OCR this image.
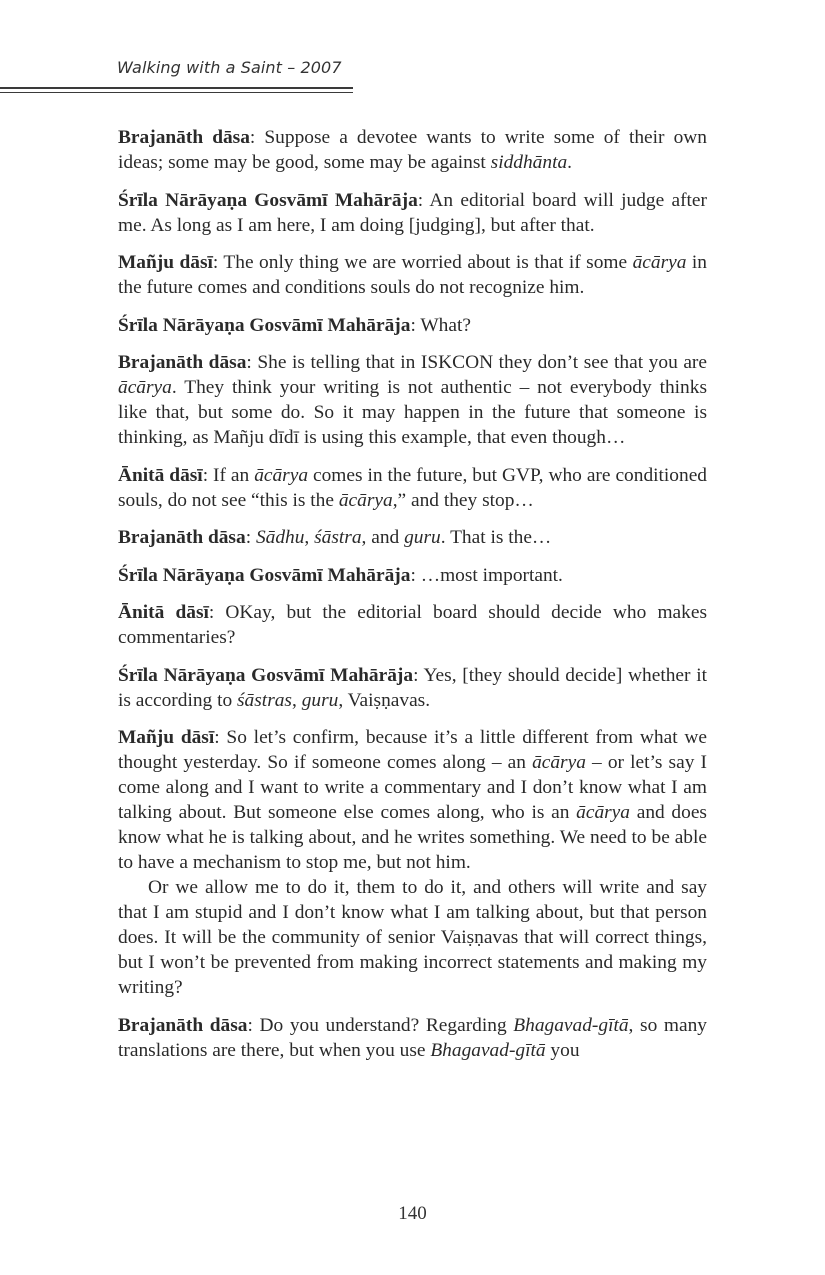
Walking with a Saint – 2007

Brajanāth dāsa: Suppose a devotee wants to write some of their own ideas; some may be good, some may be against siddhānta.

Śrīla Nārāyaṇa Gosvāmī Mahārāja: An editorial board will judge after me. As long as I am here, I am doing [judging], but after that.

Mañju dāsī: The only thing we are worried about is that if some ācārya in the future comes and conditions souls do not recognize him.

Śrīla Nārāyaṇa Gosvāmī Mahārāja: What?

Brajanāth dāsa: She is telling that in ISKCON they don’t see that you are ācārya. They think your writing is not authentic – not everybody thinks like that, but some do. So it may happen in the future that someone is thinking, as Mañju dīdī is using this example, that even though…

Ānitā dāsī: If an ācārya comes in the future, but GVP, who are conditioned souls, do not see “this is the ācārya,” and they stop…

Brajanāth dāsa: Sādhu, śāstra, and guru. That is the…

Śrīla Nārāyaṇa Gosvāmī Mahārāja: …most important.

Ānitā dāsī: OKay, but the editorial board should decide who makes commentaries?

Śrīla Nārāyaṇa Gosvāmī Mahārāja: Yes, [they should decide] whether it is according to śāstras, guru, Vaiṣṇavas.

Mañju dāsī: So let’s confirm, because it’s a little different from what we thought yesterday. So if someone comes along – an ācārya – or let’s say I come along and I want to write a commentary and I don’t know what I am talking about. But someone else comes along, who is an ācārya and does know what he is talking about, and he writes something. We need to be able to have a mechanism to stop me, but not him.

Or we allow me to do it, them to do it, and others will write and say that I am stupid and I don’t know what I am talking about, but that person does. It will be the community of senior Vaiṣṇavas that will correct things, but I won’t be prevented from making incorrect statements and making my writing?

Brajanāth dāsa: Do you understand? Regarding Bhagavad-gītā, so many translations are there, but when you use Bhagavad-gītā you

140
